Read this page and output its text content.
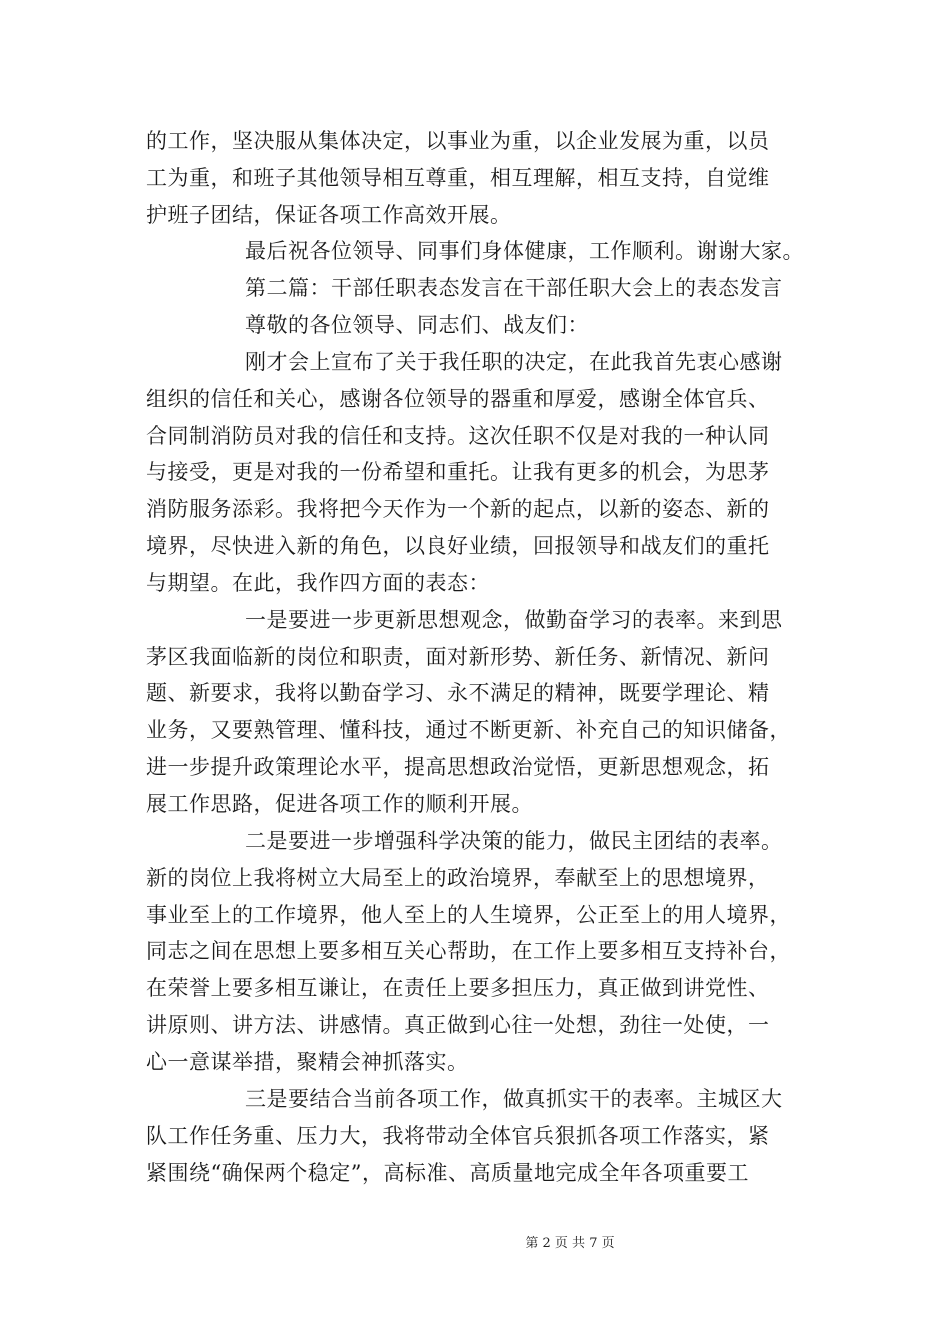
的工作，坚决服从集体决定，以事业为重，以企业发展为重，以员
工为重，和班子其他领导相互尊重，相互理解，相互支持，自觉维
护班子团结，保证各项工作高效开展。
最后祝各位领导、同事们身体健康，工作顺利。谢谢大家。
第二篇：干部任职表态发言在干部任职大会上的表态发言
尊敬的各位领导、同志们、战友们：
刚才会上宣布了关于我任职的决定，在此我首先衷心感谢
组织的信任和关心，感谢各位领导的器重和厚爱，感谢全体官兵、
合同制消防员对我的信任和支持。这次任职不仅是对我的一种认同
与接受，更是对我的一份希望和重托。让我有更多的机会，为思茅
消防服务添彩。我将把今天作为一个新的起点，以新的姿态、新的
境界，尽快进入新的角色，以良好业绩，回报领导和战友们的重托
与期望。在此，我作四方面的表态：
一是要进一步更新思想观念，做勤奋学习的表率。来到思
茅区我面临新的岗位和职责，面对新形势、新任务、新情况、新问
题、新要求，我将以勤奋学习、永不满足的精神，既要学理论、精
业务，又要熟管理、懂科技，通过不断更新、补充自己的知识储备，
进一步提升政策理论水平，提高思想政治觉悟，更新思想观念，拓
展工作思路，促进各项工作的顺利开展。
二是要进一步增强科学决策的能力，做民主团结的表率。
新的岗位上我将树立大局至上的政治境界，奉献至上的思想境界，
事业至上的工作境界，他人至上的人生境界，公正至上的用人境界，
同志之间在思想上要多相互关心帮助，在工作上要多相互支持补台，
在荣誉上要多相互谦让，在责任上要多担压力，真正做到讲党性、
讲原则、讲方法、讲感情。真正做到心往一处想，劲往一处使，一
心一意谋举措，聚精会神抓落实。
三是要结合当前各项工作，做真抓实干的表率。主城区大
队工作任务重、压力大，我将带动全体官兵狠抓各项工作落实，紧
紧围绕“确保两个稳定”，高标准、高质量地完成全年各项重要工
第 2 页 共 7 页
